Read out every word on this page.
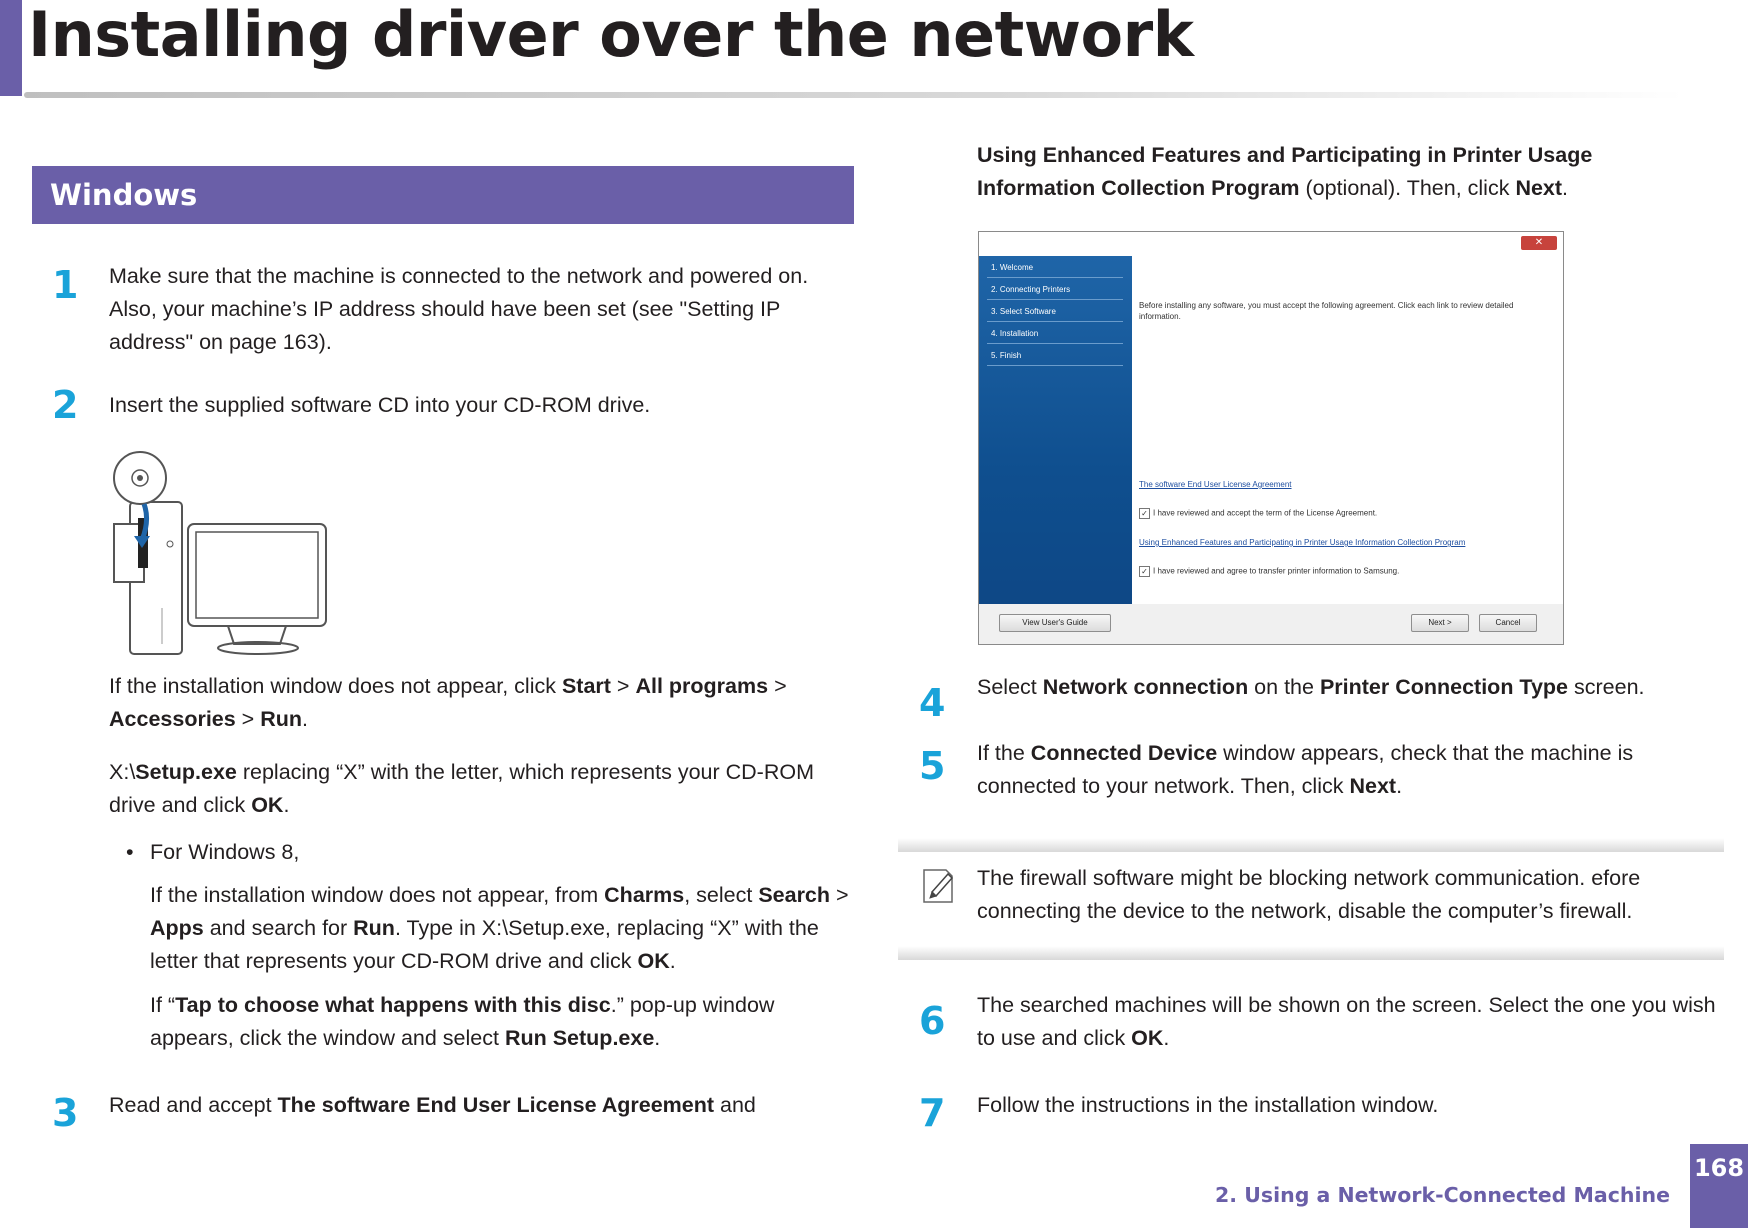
Installing driver over the network
Windows
1 Make sure that the machine is connected to the network and powered on. Also, your machine’s IP address should have been set (see "Setting IP address" on page 163).
2 Insert the supplied software CD into your CD-ROM drive.
If the installation window does not appear, click Start > All programs > Accessories > Run.
X:\Setup.exe replacing “X” with the letter, which represents your CD-ROM drive and click OK.
• For Windows 8,
If the installation window does not appear, from Charms, select Search > Apps and search for Run. Type in X:\Setup.exe, replacing “X” with the letter that represents your CD-ROM drive and click OK.
If “Tap to choose what happens with this disc.” pop-up window appears, click the window and select Run Setup.exe.
3 Read and accept The software End User License Agreement and
Using Enhanced Features and Participating in Printer Usage Information Collection Program (optional). Then, click Next.
✕
1. Welcome
2. Connecting Printers
3. Select Software
4. Installation
5. Finish
Before installing any software, you must accept the following agreement. Click each link to review detailed information.
The software End User License Agreement
✓ I have reviewed and accept the term of the License Agreement.
Using Enhanced Features and Participating in Printer Usage Information Collection Program
✓ I have reviewed and agree to transfer printer information to Samsung.
View User's Guide	Next >	Cancel
4 Select Network connection on the Printer Connection Type screen.
5 If the Connected Device window appears, check that the machine is connected to your network. Then, click Next.
The firewall software might be blocking network communication. efore connecting the device to the network, disable the computer’s firewall.
6 The searched machines will be shown on the screen. Select the one you wish to use and click OK.
7 Follow the instructions in the installation window.
2. Using a Network-Connected Machine
168
